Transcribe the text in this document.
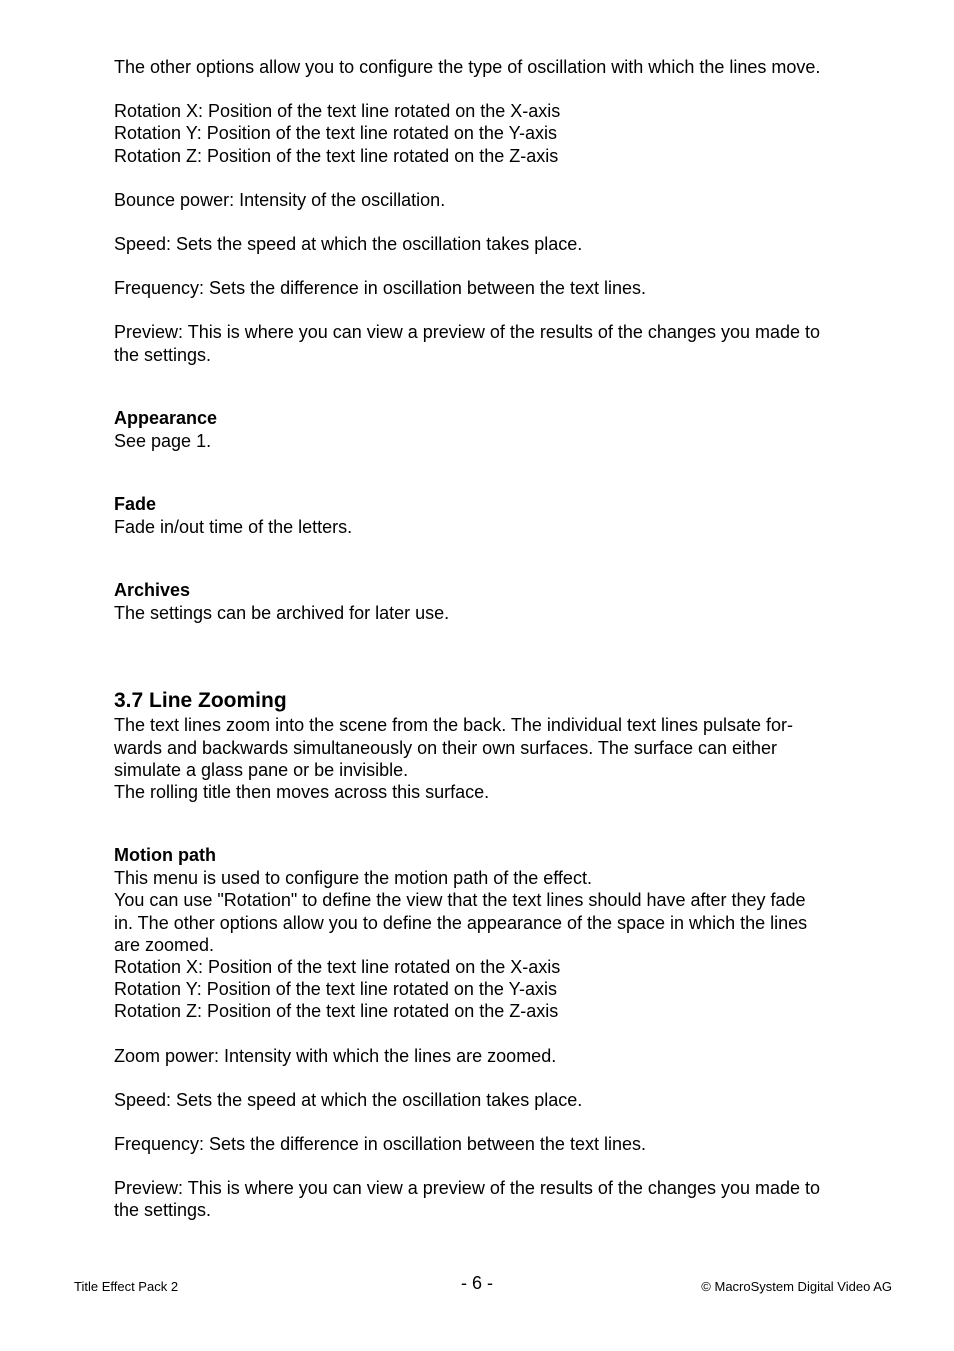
The other options allow you to configure the type of oscillation with which the lines move.

Rotation X: Position of the text line rotated on the X-axis

Rotation Y: Position of the text line rotated on the Y-axis

Rotation Z: Position of the text line rotated on the Z-axis

Bounce power: Intensity of the oscillation.

Speed: Sets the speed at which the oscillation takes place.

Frequency: Sets the difference in oscillation between the text lines.

Preview: This is where you can view a preview of the results of the changes you made to

the settings.

Appearance

See page 1.

Fade

Fade in/out time of the letters.

Archives

The settings can be archived for later use.

3.7 Line Zooming

The text lines zoom into the scene from the back. The individual text lines pulsate for-

wards and backwards simultaneously on their own surfaces. The surface can either

simulate a glass pane or be invisible.

The rolling title then moves across this surface.

Motion path

This menu is used to configure the motion path of the effect.

You can use "Rotation" to define the view that the text lines should have after they fade

in. The other options allow you to define the appearance of the space in which the lines

are zoomed.

Rotation X: Position of the text line rotated on the X-axis

Rotation Y: Position of the text line rotated on the Y-axis

Rotation Z: Position of the text line rotated on the Z-axis

Zoom power: Intensity with which the lines are zoomed.

Speed: Sets the speed at which the oscillation takes place.

Frequency: Sets the difference in oscillation between the text lines.

Preview: This is where you can view a preview of the results of the changes you made to

the settings.

Title Effect Pack 2	- 6 -	© MacroSystem Digital Video AG
